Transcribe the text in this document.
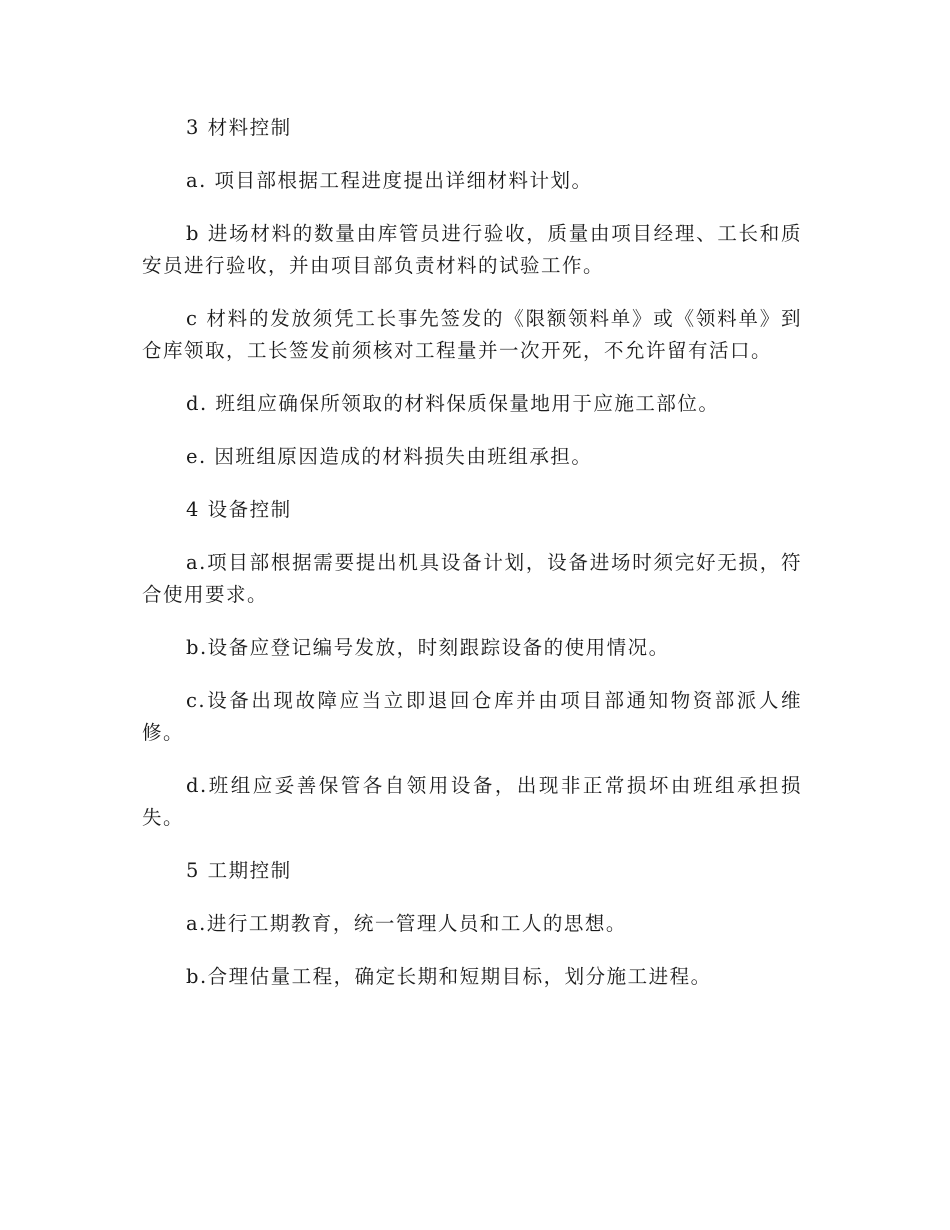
3 材料控制

a. 项目部根据工程进度提出详细材料计划。

b 进场材料的数量由库管员进行验收，质量由项目经理、工长和质安员进行验收，并由项目部负责材料的试验工作。

c 材料的发放须凭工长事先签发的《限额领料单》或《领料单》到仓库领取，工长签发前须核对工程量并一次开死，不允许留有活口。

d. 班组应确保所领取的材料保质保量地用于应施工部位。

e. 因班组原因造成的材料损失由班组承担。

4 设备控制

a.项目部根据需要提出机具设备计划，设备进场时须完好无损，符合使用要求。

b.设备应登记编号发放，时刻跟踪设备的使用情况。

c.设备出现故障应当立即退回仓库并由项目部通知物资部派人维修。

d.班组应妥善保管各自领用设备，出现非正常损坏由班组承担损失。

5 工期控制

a.进行工期教育，统一管理人员和工人的思想。

b.合理估量工程，确定长期和短期目标，划分施工进程。
